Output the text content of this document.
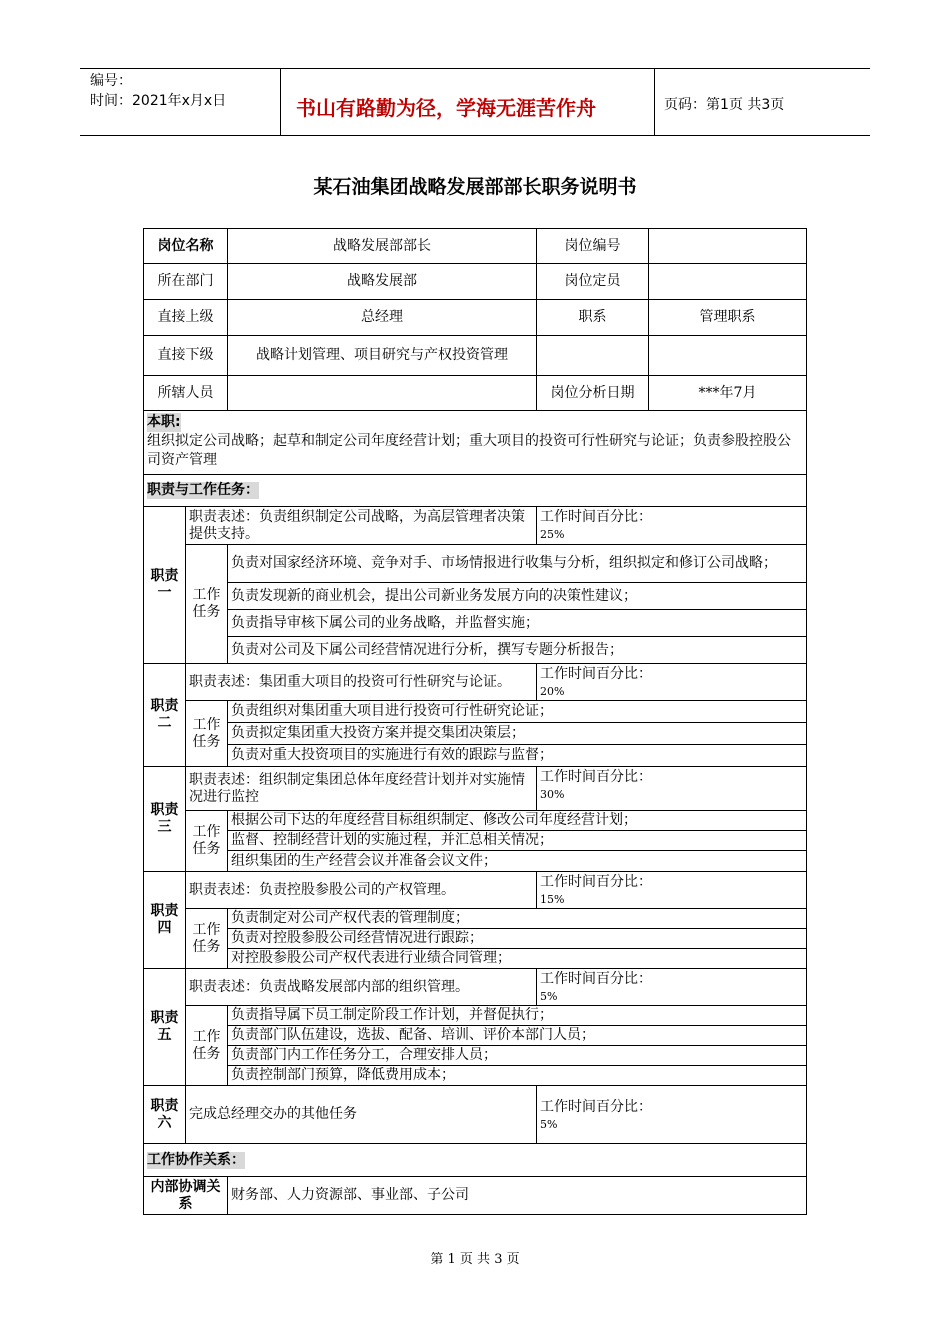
编号：
时间：2021年x月x日	书山有路勤为径，学海无涯苦作舟	页码：第1页 共3页
某石油集团战略发展部部长职务说明书
岗位名称		战略发展部部长	岗位编号	
所在部门		战略发展部	岗位定员	
直接上级		总经理	职系	管理职系
直接下级		战略计划管理、项目研究与产权投资管理		
所辖人员			岗位分析日期	***年7月
本职:
组织拟定公司战略；起草和制定公司年度经营计划；重大项目的投资可行性研究与论证；负责参股控股公司资产管理				
职责与工作任务：				
职责一	职责表述：负责组织制定公司战略，为高层管理者决策提供支持。		工作时间百分比：
25%	
	工作任务	负责对国家经济环境、竞争对手、市场情报进行收集与分析，组织拟定和修订公司战略；		
		负责发现新的商业机会，提出公司新业务发展方向的决策性建议；		
		负责指导审核下属公司的业务战略，并监督实施；		
		负责对公司及下属公司经营情况进行分析，撰写专题分析报告；		
职责二	职责表述：集团重大项目的投资可行性研究与论证。		工作时间百分比：
20%	
	工作任务	负责组织对集团重大项目进行投资可行性研究论证；		
		负责拟定集团重大投资方案并提交集团决策层；		
		负责对重大投资项目的实施进行有效的跟踪与监督；		
职责三	职责表述：组织制定集团总体年度经营计划并对实施情况进行监控		工作时间百分比：
30%	
	工作任务	根据公司下达的年度经营目标组织制定、修改公司年度经营计划；		
		监督、控制经营计划的实施过程，并汇总相关情况；		
		组织集团的生产经营会议并准备会议文件；		
职责四	职责表述：负责控股参股公司的产权管理。		工作时间百分比：
15%	
	工作任务	负责制定对公司产权代表的管理制度；		
		负责对控股参股公司经营情况进行跟踪；		
		对控股参股公司产权代表进行业绩合同管理；		
职责五	职责表述：负责战略发展部内部的组织管理。		工作时间百分比：
5%	
	工作任务	负责指导属下员工制定阶段工作计划，并督促执行；		
		负责部门队伍建设，选拔、配备、培训、评价本部门人员；		
		负责部门内工作任务分工，合理安排人员；		
		负责控制部门预算，降低费用成本；		
职责六	完成总经理交办的其他任务		工作时间百分比：
5%	
工作协作关系：				
内部协调关系		财务部、人力资源部、事业部、子公司		
第 1 页 共 3 页
